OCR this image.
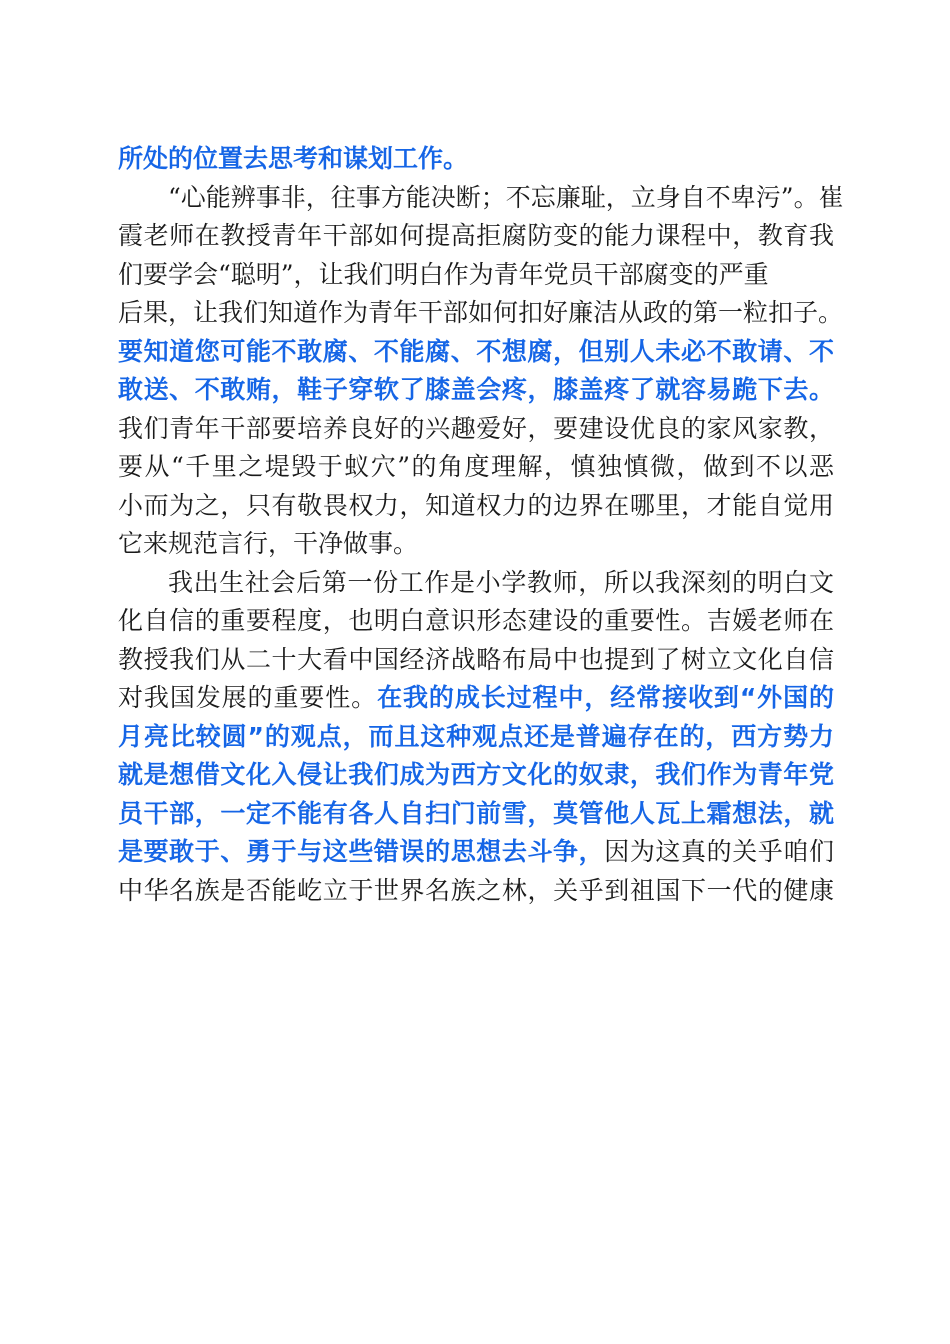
所处的位置去思考和谋划工作。
“心能辨事非，往事方能决断；不忘廉耻，立身自不卑污”。崔
霞老师在教授青年干部如何提高拒腐防变的能力课程中，教育我
们要学会“聪明”，让我们明白作为青年党员干部腐变的严重
后果，让我们知道作为青年干部如何扣好廉洁从政的第一粒扣子。
要知道您可能不敢腐、不能腐、不想腐，但别人未必不敢请、不
敢送、不敢贿，鞋子穿软了膝盖会疼，膝盖疼了就容易跪下去。
我们青年干部要培养良好的兴趣爱好，要建设优良的家风家教，
要从“千里之堤毁于蚁穴”的角度理解，慎独慎微，做到不以恶
小而为之，只有敬畏权力，知道权力的边界在哪里，才能自觉用
它来规范言行，干净做事。
我出生社会后第一份工作是小学教师，所以我深刻的明白文
化自信的重要程度，也明白意识形态建设的重要性。吉媛老师在
教授我们从二十大看中国经济战略布局中也提到了树立文化自信
对我国发展的重要性。在我的成长过程中，经常接收到“外国的
月亮比较圆”的观点，而且这种观点还是普遍存在的，西方势力
就是想借文化入侵让我们成为西方文化的奴隶，我们作为青年党
员干部，一定不能有各人自扫门前雪，莫管他人瓦上霜想法，就
是要敢于、勇于与这些错误的思想去斗争，因为这真的关乎咱们
中华名族是否能屹立于世界名族之林，关乎到祖国下一代的健康
